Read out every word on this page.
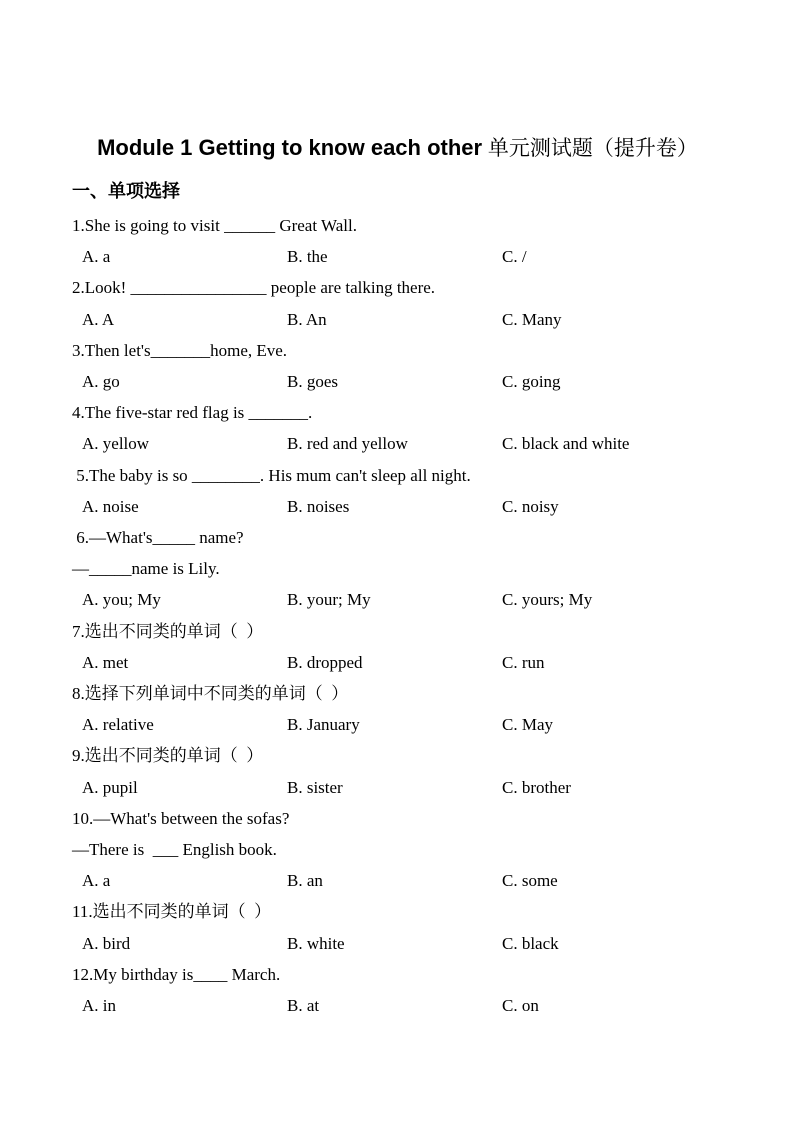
Module 1 Getting to know each other 单元测试题（提升卷）
一、单项选择
1.She is going to visit ______ Great Wall.
A. a	B. the	C. /
2.Look! ________________ people are talking there.
A. A	B. An	C. Many
3.Then let's_______home, Eve.
A. go	B. goes	C. going
4.The five-star red flag is _______.
A. yellow	B. red and yellow	C. black and white
5.The baby is so ________. His mum can't sleep all night.
A. noise	B. noises	C. noisy
6.—What's_____ name?
—_____name is Lily.
A. you; My	B. your; My	C. yours; My
7.选出不同类的单词（  ）
A. met	B. dropped	C. run
8.选择下列单词中不同类的单词（  ）
A. relative	B. January	C. May
9.选出不同类的单词（  ）
A. pupil	B. sister	C. brother
10.—What's between the sofas?
—There is  ___ English book.
A. a	B. an	C. some
11.选出不同类的单词（  ）
A. bird	B. white	C. black
12.My birthday is____ March.
A. in	B. at	C. on
